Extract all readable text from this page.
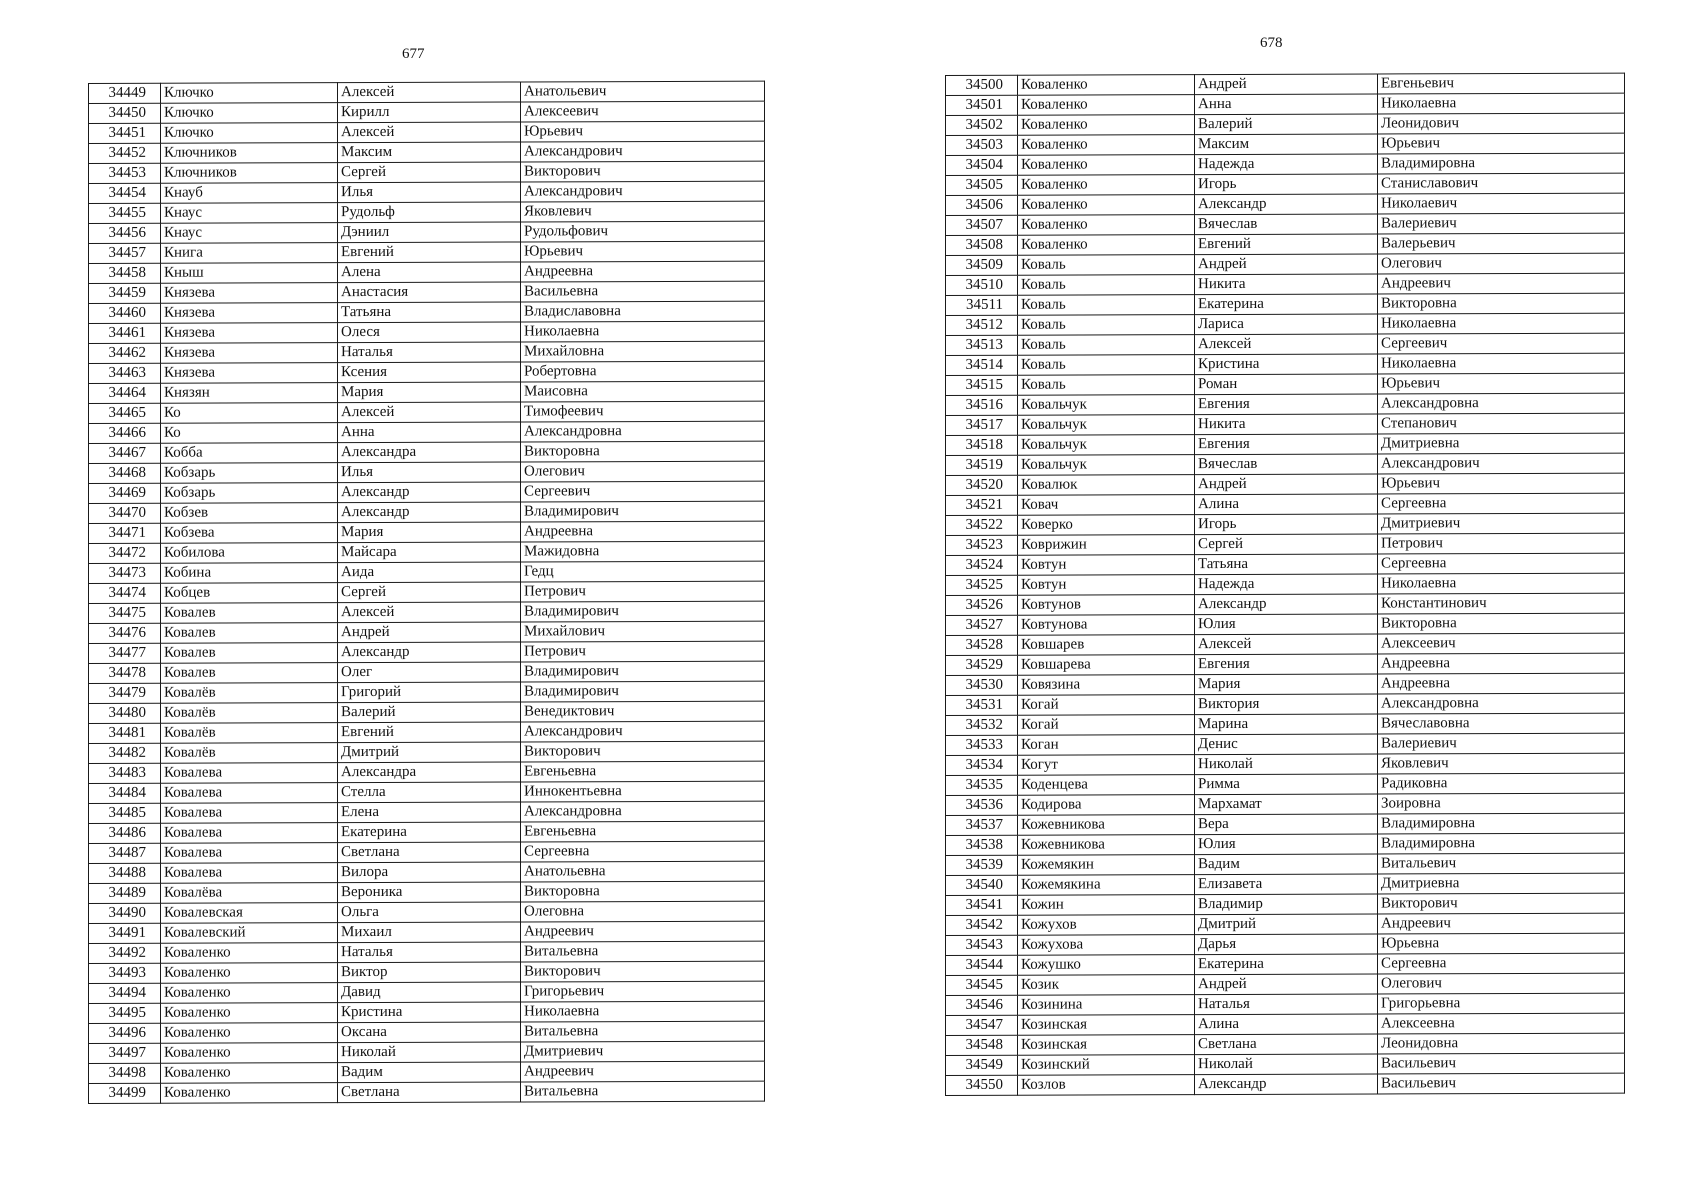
677
678
34449	Ключко	Алексей	Анатольевич
34450	Ключко	Кирилл	Алексеевич
34451	Ключко	Алексей	Юрьевич
34452	Ключников	Максим	Александрович
34453	Ключников	Сергей	Викторович
34454	Кнауб	Илья	Александрович
34455	Кнаус	Рудольф	Яковлевич
34456	Кнаус	Дэниил	Рудольфович
34457	Книга	Евгений	Юрьевич
34458	Кныш	Алена	Андреевна
34459	Князева	Анастасия	Васильевна
34460	Князева	Татьяна	Владиславовна
34461	Князева	Олеся	Николаевна
34462	Князева	Наталья	Михайловна
34463	Князева	Ксения	Робертовна
34464	Князян	Мария	Маисовна
34465	Ко	Алексей	Тимофеевич
34466	Ко	Анна	Александровна
34467	Кобба	Александра	Викторовна
34468	Кобзарь	Илья	Олегович
34469	Кобзарь	Александр	Сергеевич
34470	Кобзев	Александр	Владимирович
34471	Кобзева	Мария	Андреевна
34472	Кобилова	Майсара	Мажидовна
34473	Кобина	Аида	Гедц
34474	Кобцев	Сергей	Петрович
34475	Ковалев	Алексей	Владимирович
34476	Ковалев	Андрей	Михайлович
34477	Ковалев	Александр	Петрович
34478	Ковалев	Олег	Владимирович
34479	Ковалёв	Григорий	Владимирович
34480	Ковалёв	Валерий	Венедиктович
34481	Ковалёв	Евгений	Александрович
34482	Ковалёв	Дмитрий	Викторович
34483	Ковалева	Александра	Евгеньевна
34484	Ковалева	Стелла	Иннокентьевна
34485	Ковалева	Елена	Александровна
34486	Ковалева	Екатерина	Евгеньевна
34487	Ковалева	Светлана	Сергеевна
34488	Ковалева	Вилора	Анатольевна
34489	Ковалёва	Вероника	Викторовна
34490	Ковалевская	Ольга	Олеговна
34491	Ковалевский	Михаил	Андреевич
34492	Коваленко	Наталья	Витальевна
34493	Коваленко	Виктор	Викторович
34494	Коваленко	Давид	Григорьевич
34495	Коваленко	Кристина	Николаевна
34496	Коваленко	Оксана	Витальевна
34497	Коваленко	Николай	Дмитриевич
34498	Коваленко	Вадим	Андреевич
34499	Коваленко	Светлана	Витальевна
34500	Коваленко	Андрей	Евгеньевич
34501	Коваленко	Анна	Николаевна
34502	Коваленко	Валерий	Леонидович
34503	Коваленко	Максим	Юрьевич
34504	Коваленко	Надежда	Владимировна
34505	Коваленко	Игорь	Станиславович
34506	Коваленко	Александр	Николаевич
34507	Коваленко	Вячеслав	Валериевич
34508	Коваленко	Евгений	Валерьевич
34509	Коваль	Андрей	Олегович
34510	Коваль	Никита	Андреевич
34511	Коваль	Екатерина	Викторовна
34512	Коваль	Лариса	Николаевна
34513	Коваль	Алексей	Сергеевич
34514	Коваль	Кристина	Николаевна
34515	Коваль	Роман	Юрьевич
34516	Ковальчук	Евгения	Александровна
34517	Ковальчук	Никита	Степанович
34518	Ковальчук	Евгения	Дмитриевна
34519	Ковальчук	Вячеслав	Александрович
34520	Ковалюк	Андрей	Юрьевич
34521	Ковач	Алина	Сергеевна
34522	Коверко	Игорь	Дмитриевич
34523	Коврижин	Сергей	Петрович
34524	Ковтун	Татьяна	Сергеевна
34525	Ковтун	Надежда	Николаевна
34526	Ковтунов	Александр	Константинович
34527	Ковтунова	Юлия	Викторовна
34528	Ковшарев	Алексей	Алексеевич
34529	Ковшарева	Евгения	Андреевна
34530	Ковязина	Мария	Андреевна
34531	Когай	Виктория	Александровна
34532	Когай	Марина	Вячеславовна
34533	Коган	Денис	Валериевич
34534	Когут	Николай	Яковлевич
34535	Коденцева	Римма	Радиковна
34536	Кодирова	Мархамат	Зоировна
34537	Кожевникова	Вера	Владимировна
34538	Кожевникова	Юлия	Владимировна
34539	Кожемякин	Вадим	Витальевич
34540	Кожемякина	Елизавета	Дмитриевна
34541	Кожин	Владимир	Викторович
34542	Кожухов	Дмитрий	Андреевич
34543	Кожухова	Дарья	Юрьевна
34544	Кожушко	Екатерина	Сергеевна
34545	Козик	Андрей	Олегович
34546	Козинина	Наталья	Григорьевна
34547	Козинская	Алина	Алексеевна
34548	Козинская	Светлана	Леонидовна
34549	Козинский	Николай	Васильевич
34550	Козлов	Александр	Васильевич
